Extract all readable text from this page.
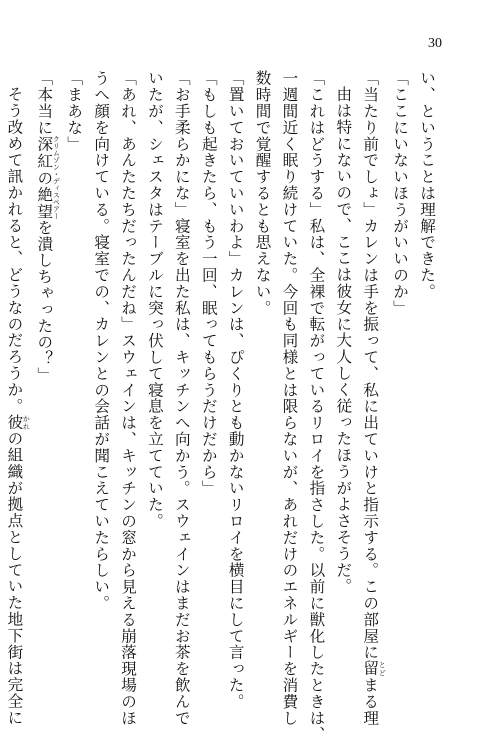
30
い、ということは理解できた。
「ここにいないほうがいいのか」
「当たり前でしょ」カレンは手を振って、私に出ていけと指示する。この部屋に留 とどまる理
由は特にないので、ここは彼女に大人しく従ったほうがよさそうだ。
「これはどうする」私は、全裸で転がっているリロイを指さした。以前に獣化したときは、
一週間近く眠り続けていた。今回も同様とは限らないが、あれだけのエネルギーを消費し
数時間で覚醒するとも思えない。
「置いておいていいわよ」カレンは、ぴくりとも動かないリロイを横目にして言った。
「もしも起きたら、もう一回、眠ってもらうだけだから」
「お手柔らかにな」寝室を出た私は、キッチンへ向かう。スウェインはまだお茶を飲んで
いたが、シェスタはテーブルに突っ伏して寝息を立てていた。
「あれ、あんたたちだったんだね」スウェインは、キッチンの窓から見える崩落現場のほ
うへ顔を向けている。寝室での、カレンとの会話が聞こえていたらしい。
「まあな」
「本当に深紅の絶望 クリムゾン・ディスペアーを潰しちゃったの？」
そう改めて訊かれると、どうなのだろうか。彼 かれの組織が拠点としていた地下街は完全に
